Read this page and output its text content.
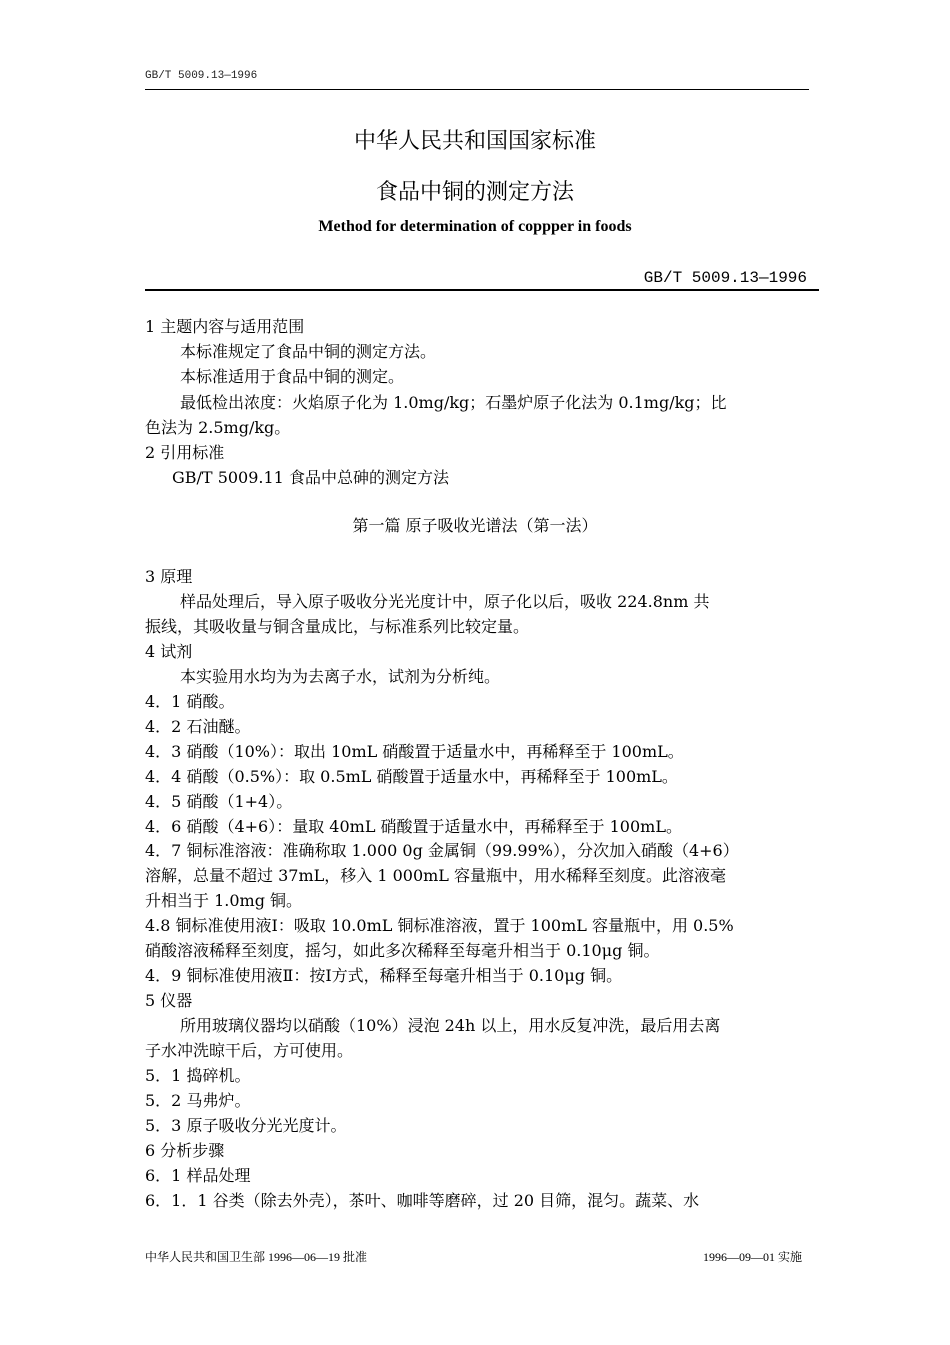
GB/T 5009.13—1996
中华人民共和国国家标准
食品中铜的测定方法
Method for determination of coppper in foods
GB/T 5009.13—1996
1 主题内容与适用范围
本标准规定了食品中铜的测定方法。
本标准适用于食品中铜的测定。
最低检出浓度：火焰原子化为 1.0mg/kg；石墨炉原子化法为 0.1mg/kg；比
色法为 2.5mg/kg。
2 引用标准
GB/T 5009.11 食品中总砷的测定方法
第一篇 原子吸收光谱法（第一法）
3 原理
样品处理后，导入原子吸收分光光度计中，原子化以后，吸收 224.8nm 共
振线，其吸收量与铜含量成比，与标准系列比较定量。
4 试剂
本实验用水均为为去离子水，试剂为分析纯。
4．1 硝酸。
4．2 石油醚。
4．3 硝酸（10%）：取出 10mL 硝酸置于适量水中，再稀释至于 100mL。
4．4 硝酸（0.5%）：取 0.5mL 硝酸置于适量水中，再稀释至于 100mL。
4．5 硝酸（1+4）。
4．6 硝酸（4+6）：量取 40mL 硝酸置于适量水中，再稀释至于 100mL。
4．7 铜标准溶液：准确称取 1.000 0g 金属铜（99.99%），分次加入硝酸（4+6）
溶解，总量不超过 37mL，移入 1 000mL 容量瓶中，用水稀释至刻度。此溶液毫
升相当于 1.0mg 铜。
4.8 铜标准使用液Ⅰ：吸取 10.0mL 铜标准溶液，置于 100mL 容量瓶中，用 0.5%
硝酸溶液稀释至刻度，摇匀，如此多次稀释至每毫升相当于 0.10μg 铜。
4．9 铜标准使用液Ⅱ：按Ⅰ方式，稀释至每毫升相当于 0.10μg 铜。
5 仪器
所用玻璃仪器均以硝酸（10%）浸泡 24h 以上，用水反复冲洗，最后用去离
子水冲洗晾干后，方可使用。
5．1 捣碎机。
5．2 马弗炉。
5．3 原子吸收分光光度计。
6 分析步骤
6．1 样品处理
6．1．1 谷类（除去外壳），茶叶、咖啡等磨碎，过 20 目筛，混匀。蔬菜、水
中华人民共和国卫生部 1996—06—19 批准	1996—09—01 实施
